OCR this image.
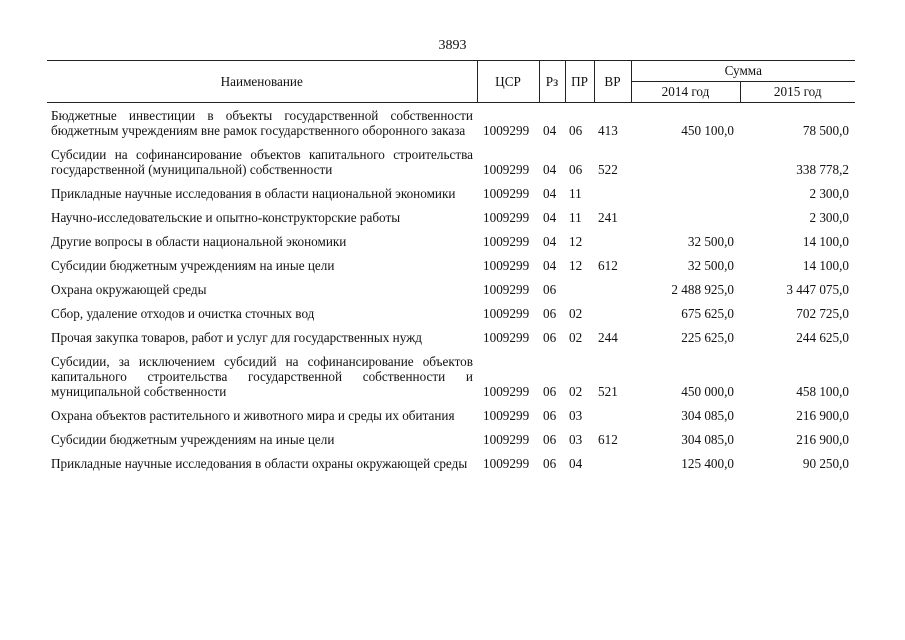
3893
Наименование	ЦСР	Рз	ПР	ВР	Сумма	
					2014 год	2015 год
Бюджетные инвестиции в объекты государственной собственности бюджетным учреждениям вне рамок государственного оборонного заказа	1009299	04	06	413	450 100,0	78 500,0
Субсидии на софинансирование объектов капитального строительства государственной (муниципальной) собственности	1009299	04	06	522		338 778,2
Прикладные научные исследования в области национальной экономики	1009299	04	11			2 300,0
Научно-исследовательские и опытно-конструкторские работы	1009299	04	11	241		2 300,0
Другие вопросы в области национальной экономики	1009299	04	12		32 500,0	14 100,0
Субсидии бюджетным учреждениям на иные цели	1009299	04	12	612	32 500,0	14 100,0
Охрана окружающей среды	1009299	06			2 488 925,0	3 447 075,0
Сбор, удаление отходов и очистка сточных вод	1009299	06	02		675 625,0	702 725,0
Прочая закупка товаров, работ и услуг для государственных нужд	1009299	06	02	244	225 625,0	244 625,0
Субсидии, за исключением субсидий на софинансирование объектов капитального строительства государственной собственности и муниципальной собственности	1009299	06	02	521	450 000,0	458 100,0
Охрана объектов растительного и животного мира и среды их обитания	1009299	06	03		304 085,0	216 900,0
Субсидии бюджетным учреждениям на иные цели	1009299	06	03	612	304 085,0	216 900,0
Прикладные научные исследования в области охраны окружающей среды	1009299	06	04		125 400,0	90 250,0
